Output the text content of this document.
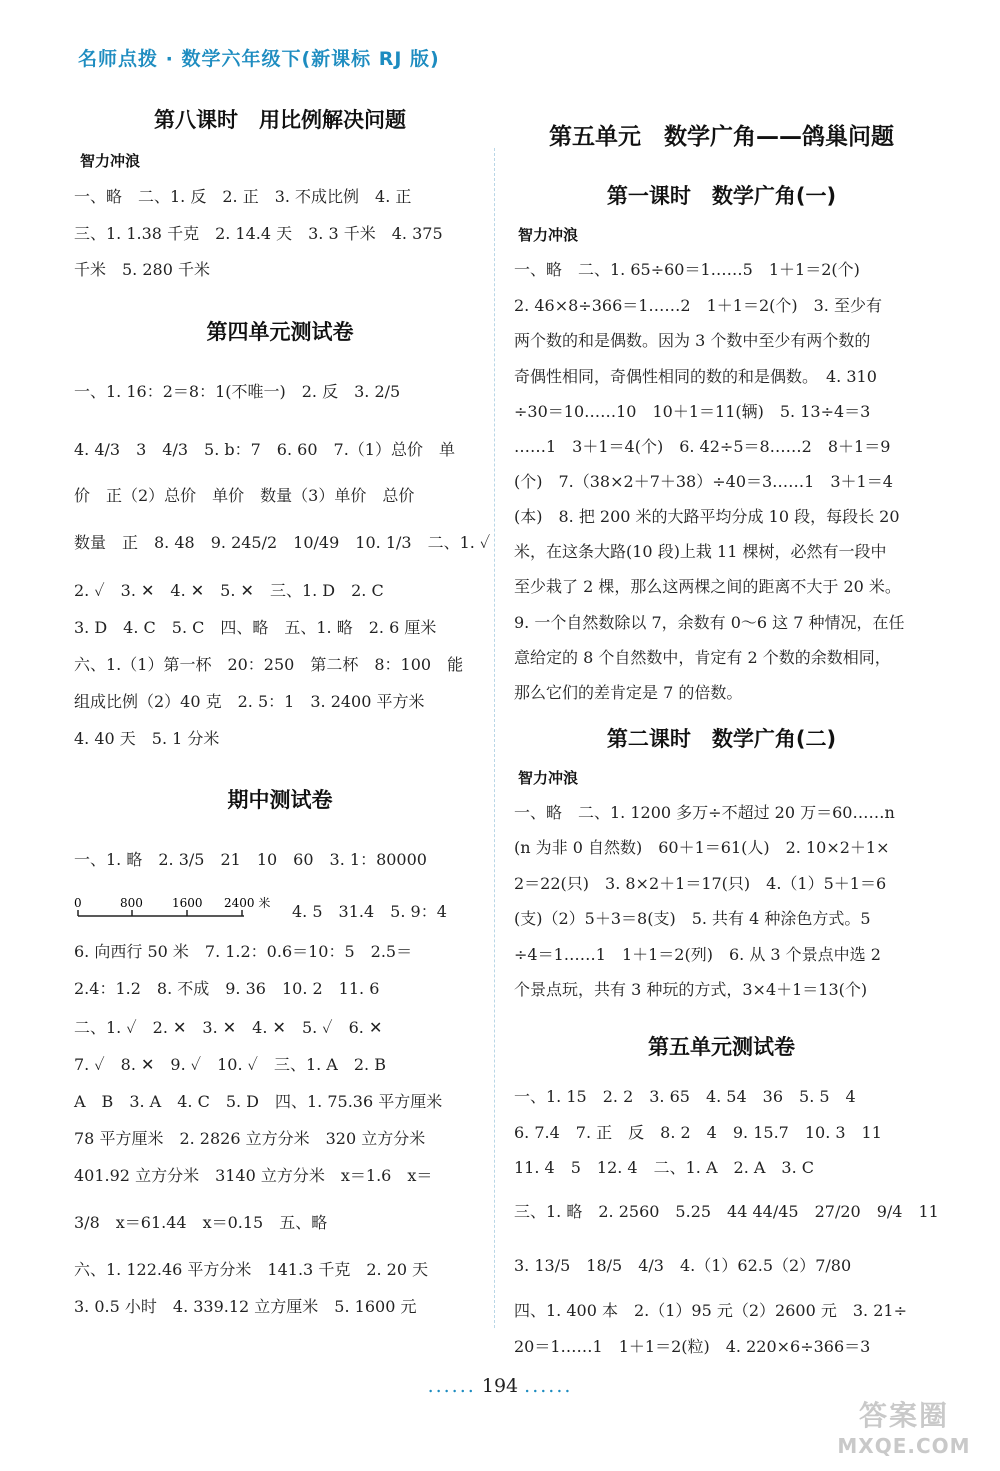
名师点拨 · 数学六年级下(新课标 RJ 版)
第八课时　用比例解决问题
智力冲浪
一、略　二、1. 反　2. 正　3. 不成比例　4. 正
三、1. 1.38 千克　2. 14.4 天　3. 3 千米　4. 375
千米　5. 280 千米
第四单元测试卷
一、1. 16：2＝8：1(不唯一)　2. 反　3. 2/5
4. 4/3　3　4/3　5. b：7　6. 60　7.（1）总价　单
价　正（2）总价　单价　数量（3）单价　总价
数量　正　8. 48　9. 245/2　10/49　10. 1/3　二、1. ✓
2. ✓　3. ✕　4. ✕　5. ✕　三、1. D　2. C
3. D　4. C　5. C　四、略　五、1. 略　2. 6 厘米
六、1.（1）第一杯　20：250　第二杯　8：100　能
组成比例（2）40 克　2. 5：1　3. 2400 平方米
4. 40 天　5. 1 分米
期中测试卷
一、1. 略　2. 3/5　21　10　60　3. 1：80000
0	800 1600 2400 米 4. 5　31.4　5. 9：4
6. 向西行 50 米　7. 1.2：0.6＝10：5　2.5＝
2.4：1.2　8. 不成　9. 36　10. 2　11. 6
二、1. ✓　2. ✕　3. ✕　4. ✕　5. ✓　6. ✕
7. ✓　8. ✕　9. ✓　10. ✓　三、1. A　2. B
A　B　3. A　4. C　5. D　四、1. 75.36 平方厘米
78 平方厘米　2. 2826 立方分米　320 立方分米
401.92 立方分米　3140 立方分米　x＝1.6　x＝
3/8　x＝61.44　x＝0.15　五、略
六、1. 122.46 平方分米　141.3 千克　2. 20 天
3. 0.5 小时　4. 339.12 立方厘米　5. 1600 元
第五单元　数学广角——鸽巢问题
第一课时　数学广角(一)
智力冲浪
一、略　二、1. 65÷60＝1……5　1＋1＝2(个)
2. 46×8÷366＝1……2　1＋1＝2(个)　3. 至少有
两个数的和是偶数。因为 3 个数中至少有两个数的
奇偶性相同，奇偶性相同的数的和是偶数。　4. 310
÷30＝10……10　10＋1＝11(辆)　5. 13÷4＝3
……1　3＋1＝4(个)　6. 42÷5＝8……2　8＋1＝9
(个)　7.（38×2＋7＋38）÷40＝3……1　3＋1＝4
(本)　8. 把 200 米的大路平均分成 10 段，每段长 20
米，在这条大路(10 段)上栽 11 棵树，必然有一段中
至少栽了 2 棵，那么这两棵之间的距离不大于 20 米。
9. 一个自然数除以 7，余数有 0～6 这 7 种情况，在任
意给定的 8 个自然数中，肯定有 2 个数的余数相同，
那么它们的差肯定是 7 的倍数。
第二课时　数学广角(二)
智力冲浪
一、略　二、1. 1200 多万÷不超过 20 万＝60……n
(n 为非 0 自然数)　60＋1＝61(人)　2. 10×2＋1×
2＝22(只)　3. 8×2＋1＝17(只)　4.（1）5＋1＝6
(支)（2）5＋3＝8(支)　5. 共有 4 种涂色方式。5
÷4＝1……1　1＋1＝2(列)　6. 从 3 个景点中选 2
个景点玩，共有 3 种玩的方式，3×4＋1＝13(个)
第五单元测试卷
一、1. 15　2. 2　3. 65　4. 54　36　5. 5　4
6. 7.4　7. 正　反　8. 2　4　9. 15.7　10. 3　11
11. 4　5　12. 4　二、1. A　2. A　3. C
三、1. 略　2. 2560　5.25　44 44/45　27/20　9/4　11
3. 13/5　18/5　4/3　4.（1）62.5（2）7/80
四、1. 400 本　2.（1）95 元（2）2600 元　3. 21÷
20＝1……1　1＋1＝2(粒)　4. 220×6÷366＝3
...... 194 ......
答案圈
MXQE.COM
